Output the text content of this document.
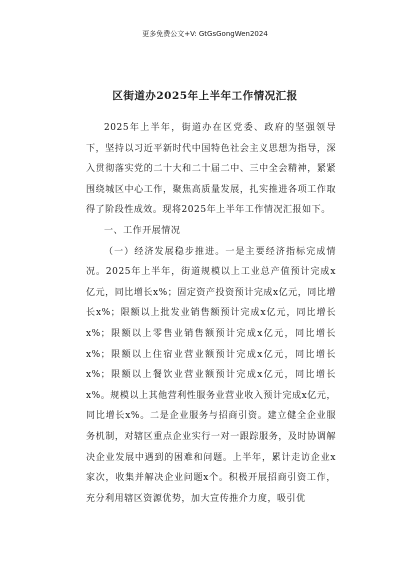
更多免费公文+V: GtGsGongWen2024
区街道办2025年上半年工作情况汇报

2025年上半年，街道办在区党委、政府的坚强领导下，坚持以习近平新时代中国特色社会主义思想为指导，深入贯彻落实党的二十大和二十届二中、三中全会精神，紧紧围绕城区中心工作，聚焦高质量发展，扎实推进各项工作取得了阶段性成效。现将2025年上半年工作情况汇报如下。

一、工作开展情况

（一）经济发展稳步推进。一是主要经济指标完成情况。2025年上半年，街道规模以上工业总产值预计完成x亿元，同比增长x%；固定资产投资预计完成x亿元，同比增长x%；限额以上批发业销售额预计完成x亿元，同比增长x%；限额以上零售业销售额预计完成x亿元，同比增长x%；限额以上住宿业营业额预计完成x亿元，同比增长x%；限额以上餐饮业营业额预计完成x亿元，同比增长x%。规模以上其他营利性服务业营业收入预计完成x亿元，同比增长x%。二是企业服务与招商引资。建立健全企业服务机制，对辖区重点企业实行一对一跟踪服务，及时协调解决企业发展中遇到的困难和问题。上半年，累计走访企业x家次，收集并解决企业问题x个。积极开展招商引资工作，充分利用辖区资源优势，加大宣传推介力度，吸引优
